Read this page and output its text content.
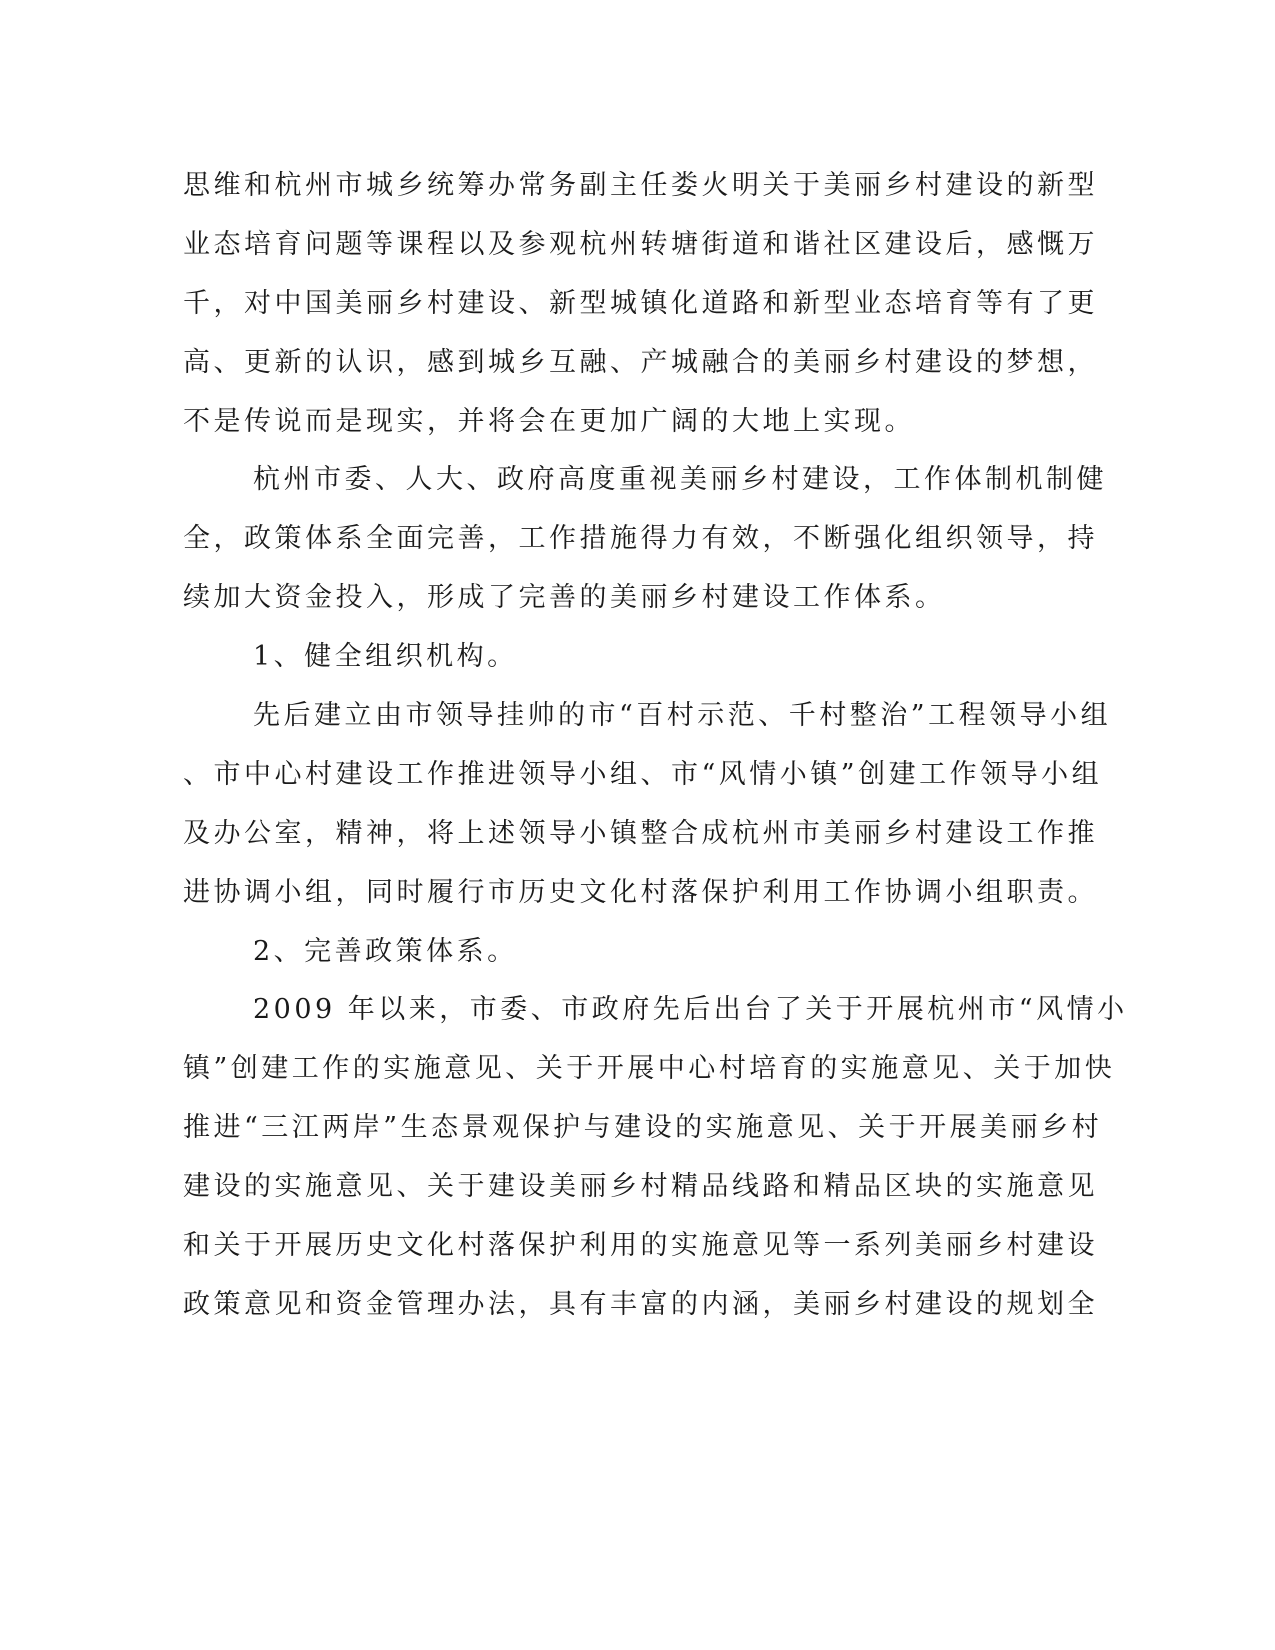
思维和杭州市城乡统筹办常务副主任娄火明关于美丽乡村建设的新型
业态培育问题等课程以及参观杭州转塘街道和谐社区建设后，感慨万
千，对中国美丽乡村建设、新型城镇化道路和新型业态培育等有了更
高、更新的认识，感到城乡互融、产城融合的美丽乡村建设的梦想，
不是传说而是现实，并将会在更加广阔的大地上实现。
杭州市委、人大、政府高度重视美丽乡村建设，工作体制机制健
全，政策体系全面完善，工作措施得力有效，不断强化组织领导，持
续加大资金投入，形成了完善的美丽乡村建设工作体系。
1、健全组织机构。
先后建立由市领导挂帅的市“百村示范、千村整治”工程领导小组
、市中心村建设工作推进领导小组、市“风情小镇”创建工作领导小组
及办公室，精神，将上述领导小镇整合成杭州市美丽乡村建设工作推
进协调小组，同时履行市历史文化村落保护利用工作协调小组职责。
2、完善政策体系。
2009 年以来，市委、市政府先后出台了关于开展杭州市“风情小
镇”创建工作的实施意见、关于开展中心村培育的实施意见、关于加快
推进“三江两岸”生态景观保护与建设的实施意见、关于开展美丽乡村
建设的实施意见、关于建设美丽乡村精品线路和精品区块的实施意见
和关于开展历史文化村落保护利用的实施意见等一系列美丽乡村建设
政策意见和资金管理办法，具有丰富的内涵，美丽乡村建设的规划全
